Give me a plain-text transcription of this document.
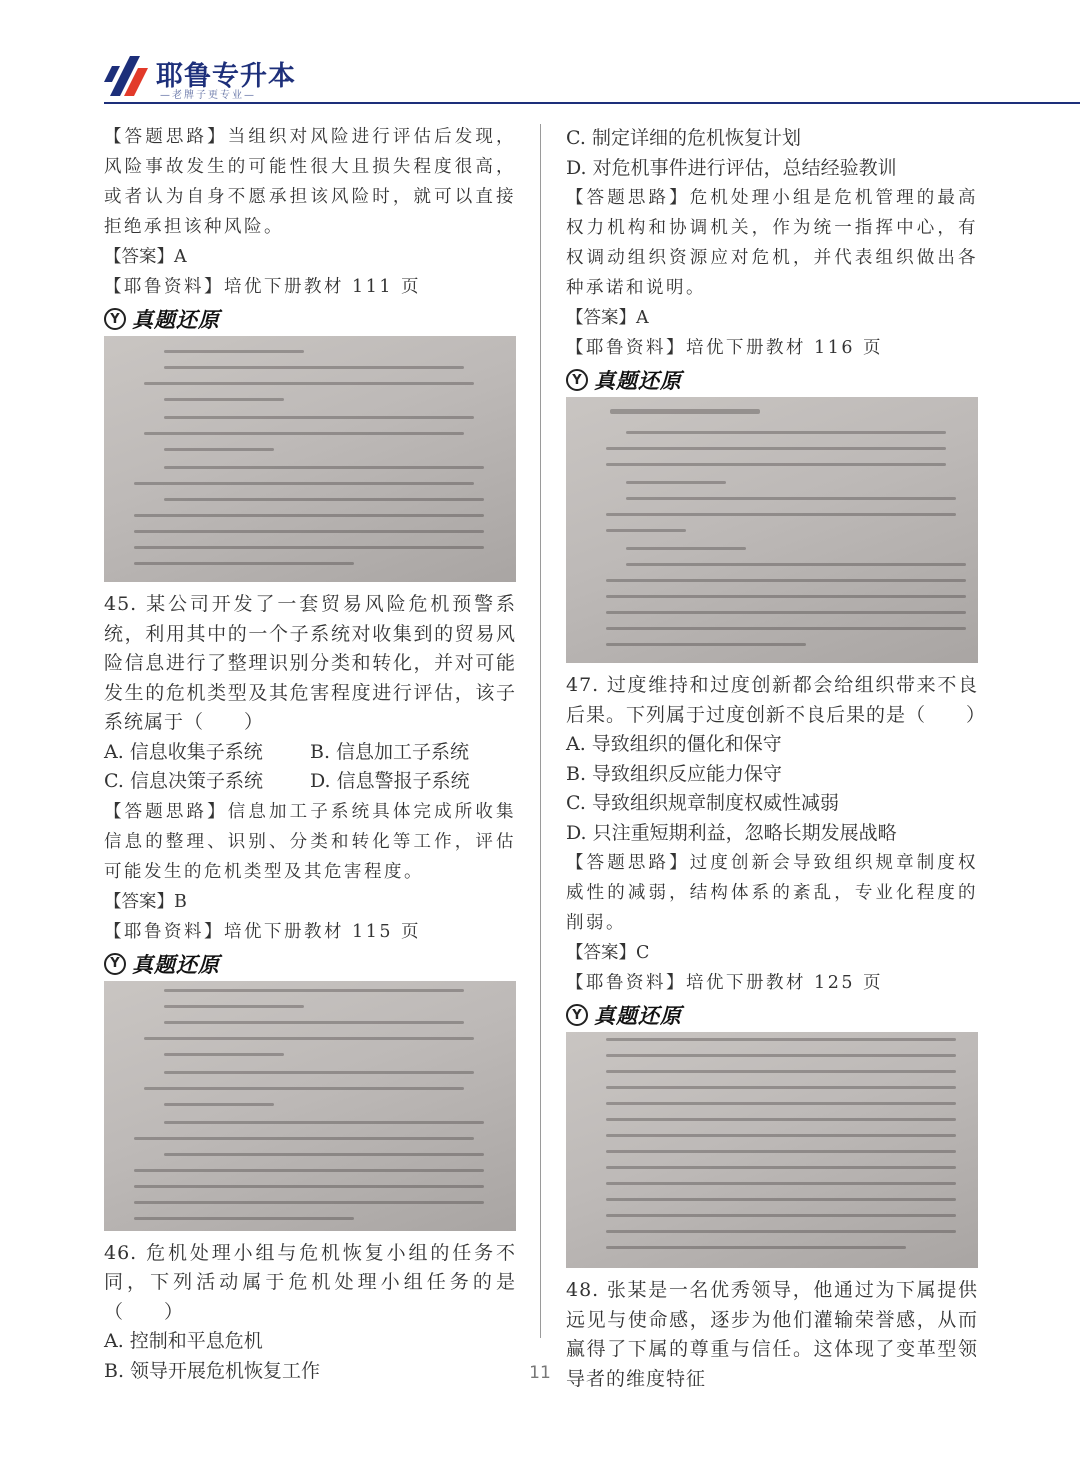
耶鲁专升本
—老牌子更专业—

【答题思路】当组织对风险进行评估后发现，风险事故发生的可能性很大且损失程度很高，或者认为自身不愿承担该风险时，就可以直接拒绝承担该种风险。

【答案】A

【耶鲁资料】培优下册教材 111 页

Y 真题还原

45. 某公司开发了一套贸易风险危机预警系统，利用其中的一个子系统对收集到的贸易风险信息进行了整理识别分类和转化，并对可能发生的危机类型及其危害程度进行评估，该子系统属于（　　）

A. 信息收集子系统	B. 信息加工子系统
C. 信息决策子系统	D. 信息警报子系统

【答题思路】信息加工子系统具体完成所收集信息的整理、识别、分类和转化等工作，评估可能发生的危机类型及其危害程度。

【答案】B

【耶鲁资料】培优下册教材 115 页

Y 真题还原

46. 危机处理小组与危机恢复小组的任务不同，下列活动属于危机处理小组任务的是（　　）

A. 控制和平息危机

B. 领导开展危机恢复工作

C. 制定详细的危机恢复计划

D. 对危机事件进行评估，总结经验教训

【答题思路】危机处理小组是危机管理的最高权力机构和协调机关，作为统一指挥中心，有权调动组织资源应对危机，并代表组织做出各种承诺和说明。

【答案】A

【耶鲁资料】培优下册教材 116 页

Y 真题还原

47. 过度维持和过度创新都会给组织带来不良后果。下列属于过度创新不良后果的是（　　）

A. 导致组织的僵化和保守

B. 导致组织反应能力保守

C. 导致组织规章制度权威性减弱

D. 只注重短期利益，忽略长期发展战略

【答题思路】过度创新会导致组织规章制度权威性的减弱，结构体系的紊乱，专业化程度的削弱。

【答案】C

【耶鲁资料】培优下册教材 125 页

Y 真题还原

48. 张某是一名优秀领导，他通过为下属提供远见与使命感，逐步为他们灌输荣誉感，从而赢得了下属的尊重与信任。这体现了变革型领导者的维度特征

11
